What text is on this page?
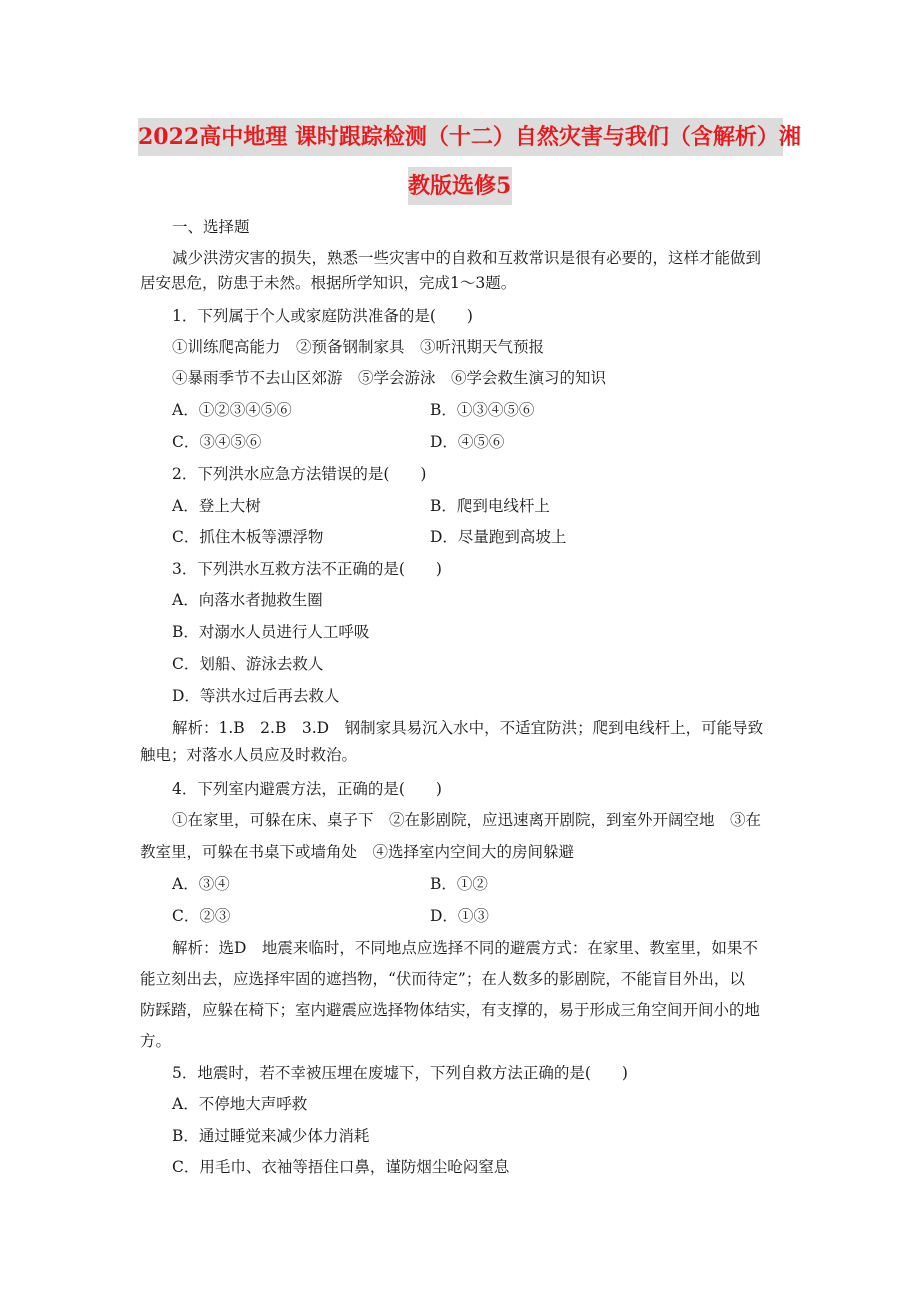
2022高中地理 课时跟踪检测（十二）自然灾害与我们（含解析）湘
教版选修5
一、选择题
减少洪涝灾害的损失，熟悉一些灾害中的自救和互救常识是很有必要的，这样才能做到
居安思危，防患于未然。根据所学知识，完成1～3题。
1．下列属于个人或家庭防洪准备的是(　　)
①训练爬高能力　②预备钢制家具　③听汛期天气预报
④暴雨季节不去山区郊游　⑤学会游泳　⑥学会救生演习的知识
A．①②③④⑤⑥	B．①③④⑤⑥
C．③④⑤⑥	D．④⑤⑥
2．下列洪水应急方法错误的是(　　)
A．登上大树	B．爬到电线杆上
C．抓住木板等漂浮物	D．尽量跑到高坡上
3．下列洪水互救方法不正确的是(　　)
A．向落水者抛救生圈
B．对溺水人员进行人工呼吸
C．划船、游泳去救人
D．等洪水过后再去救人
解析：1.B　2.B　3.D　钢制家具易沉入水中，不适宜防洪；爬到电线杆上，可能导致
触电；对落水人员应及时救治。
4．下列室内避震方法，正确的是(　　)
①在家里，可躲在床、桌子下　②在影剧院，应迅速离开剧院，到室外开阔空地　③在
教室里，可躲在书桌下或墙角处　④选择室内空间大的房间躲避
A．③④	B．①②
C．②③	D．①③
解析：选D　地震来临时，不同地点应选择不同的避震方式：在家里、教室里，如果不
能立刻出去，应选择牢固的遮挡物，“伏而待定”；在人数多的影剧院，不能盲目外出，以
防踩踏，应躲在椅下；室内避震应选择物体结实，有支撑的，易于形成三角空间开间小的地
方。
5．地震时，若不幸被压埋在废墟下，下列自救方法正确的是(　　)
A．不停地大声呼救
B．通过睡觉来减少体力消耗
C．用毛巾、衣袖等捂住口鼻，谨防烟尘呛闷窒息
